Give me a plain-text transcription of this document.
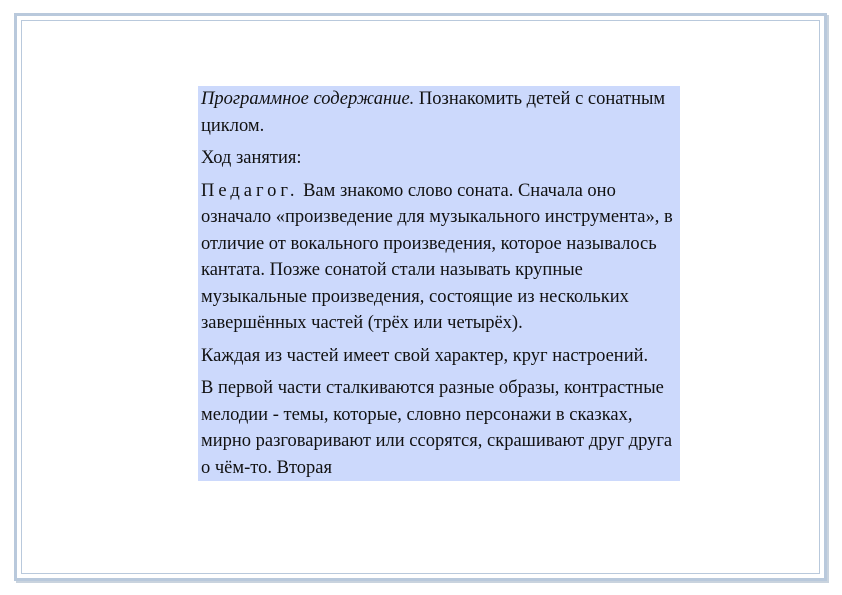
Программное содержание. Познакомить детей с сонатным циклом.

Ход занятия:

Педагог. Вам знакомо слово соната. Сначала оно означало «произведение для музыкального инструмента», в отличие от вокального произведения, которое называлось кантата. Позже сонатой стали называть крупные музыкальные произведения, состоящие из нескольких завершённых частей (трёх или четырёх).

Каждая из частей имеет свой характер, круг настроений.

В первой части сталкиваются разные образы, контрастные мелодии - темы, которые, словно персонажи в сказках, мирно разговаривают или ссорятся, скрашивают друг друга о чём-то. Вторая
